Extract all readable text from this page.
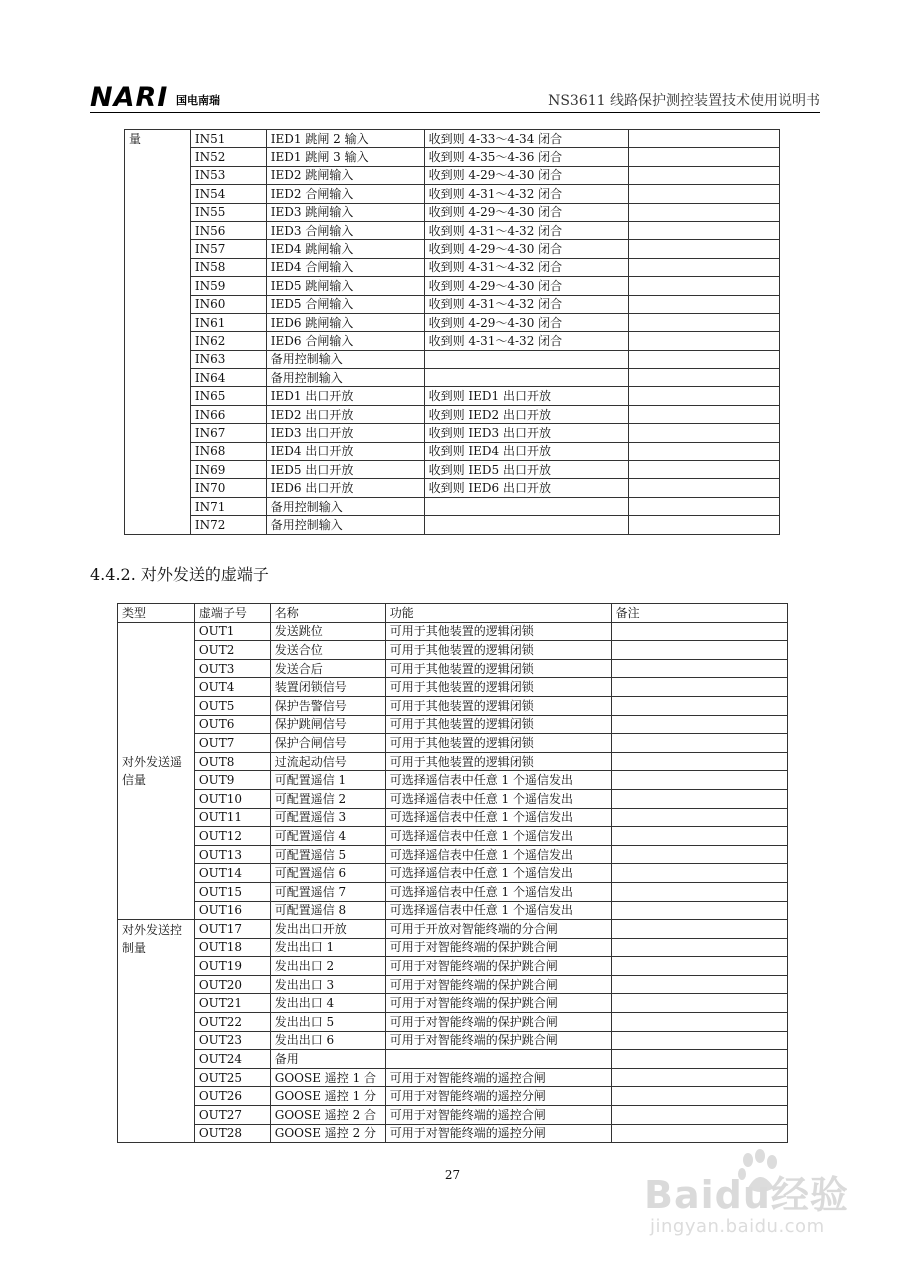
NARI 国电南瑞	NS3611 线路保护测控装置技术使用说明书
量	IN51	IED1 跳闸 2 输入	收到则 4-33～4-34 闭合	
	IN52	IED1 跳闸 3 输入	收到则 4-35～4-36 闭合	
	IN53	IED2 跳闸输入	收到则 4-29～4-30 闭合	
	IN54	IED2 合闸输入	收到则 4-31～4-32 闭合	
	IN55	IED3 跳闸输入	收到则 4-29～4-30 闭合	
	IN56	IED3 合闸输入	收到则 4-31～4-32 闭合	
	IN57	IED4 跳闸输入	收到则 4-29～4-30 闭合	
	IN58	IED4 合闸输入	收到则 4-31～4-32 闭合	
	IN59	IED5 跳闸输入	收到则 4-29～4-30 闭合	
	IN60	IED5 合闸输入	收到则 4-31～4-32 闭合	
	IN61	IED6 跳闸输入	收到则 4-29～4-30 闭合	
	IN62	IED6 合闸输入	收到则 4-31～4-32 闭合	
	IN63	备用控制输入		
	IN64	备用控制输入		
	IN65	IED1 出口开放	收到则 IED1 出口开放	
	IN66	IED2 出口开放	收到则 IED2 出口开放	
	IN67	IED3 出口开放	收到则 IED3 出口开放	
	IN68	IED4 出口开放	收到则 IED4 出口开放	
	IN69	IED5 出口开放	收到则 IED5 出口开放	
	IN70	IED6 出口开放	收到则 IED6 出口开放	
	IN71	备用控制输入		
	IN72	备用控制输入		
4.4.2. 对外发送的虚端子
类型	虚端子号	名称	功能	备注
对外发送遥信量	OUT1	发送跳位	可用于其他装置的逻辑闭锁	
	OUT2	发送合位	可用于其他装置的逻辑闭锁	
	OUT3	发送合后	可用于其他装置的逻辑闭锁	
	OUT4	装置闭锁信号	可用于其他装置的逻辑闭锁	
	OUT5	保护告警信号	可用于其他装置的逻辑闭锁	
	OUT6	保护跳闸信号	可用于其他装置的逻辑闭锁	
	OUT7	保护合闸信号	可用于其他装置的逻辑闭锁	
	OUT8	过流起动信号	可用于其他装置的逻辑闭锁	
	OUT9	可配置遥信 1	可选择遥信表中任意 1 个遥信发出	
	OUT10	可配置遥信 2	可选择遥信表中任意 1 个遥信发出	
	OUT11	可配置遥信 3	可选择遥信表中任意 1 个遥信发出	
	OUT12	可配置遥信 4	可选择遥信表中任意 1 个遥信发出	
	OUT13	可配置遥信 5	可选择遥信表中任意 1 个遥信发出	
	OUT14	可配置遥信 6	可选择遥信表中任意 1 个遥信发出	
	OUT15	可配置遥信 7	可选择遥信表中任意 1 个遥信发出	
	OUT16	可配置遥信 8	可选择遥信表中任意 1 个遥信发出	
对外发送控制量	OUT17	发出出口开放	可用于开放对智能终端的分合闸	
	OUT18	发出出口 1	可用于对智能终端的保护跳合闸	
	OUT19	发出出口 2	可用于对智能终端的保护跳合闸	
	OUT20	发出出口 3	可用于对智能终端的保护跳合闸	
	OUT21	发出出口 4	可用于对智能终端的保护跳合闸	
	OUT22	发出出口 5	可用于对智能终端的保护跳合闸	
	OUT23	发出出口 6	可用于对智能终端的保护跳合闸	
	OUT24	备用		
	OUT25	GOOSE 遥控 1 合	可用于对智能终端的遥控合闸	
	OUT26	GOOSE 遥控 1 分	可用于对智能终端的遥控分闸	
	OUT27	GOOSE 遥控 2 合	可用于对智能终端的遥控合闸	
	OUT28	GOOSE 遥控 2 分	可用于对智能终端的遥控分闸	
27	Baidu经验
jingyan.baidu.com
